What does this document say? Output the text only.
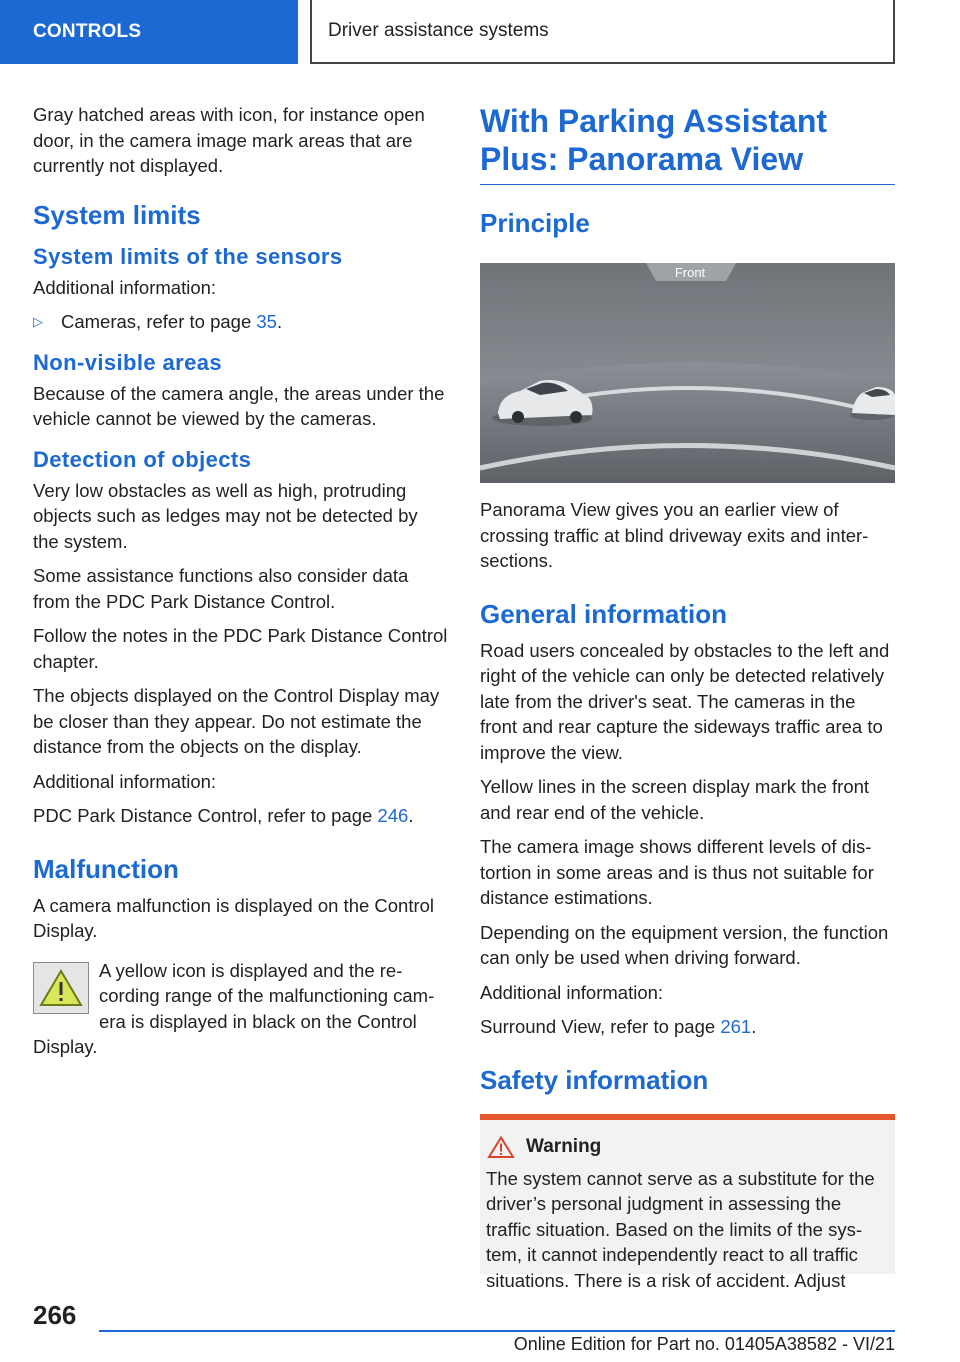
CONTROLS	Driver assistance systems

Gray hatched areas with icon, for instance open door, in the camera image mark areas that are currently not displayed.

System limits
System limits of the sensors

Additional information:

▷ Cameras, refer to page 35.
Non-visible areas

Because of the camera angle, the areas under the vehicle cannot be viewed by the cameras.

Detection of objects

Very low obstacles as well as high, protruding objects such as ledges may not be detected by the system.

Some assistance functions also consider data from the PDC Park Distance Control.

Follow the notes in the PDC Park Distance Control chapter.

The objects displayed on the Control Display may be closer than they appear. Do not estimate the distance from the objects on the display.

Additional information:

PDC Park Distance Control, refer to page 246.

Malfunction

A camera malfunction is displayed on the Control Display.

A yellow icon is displayed and the recording range of the malfunctioning camera is displayed in black on the Control Display.
With Parking Assistant Plus: Panorama View
Principle
Front

Panorama View gives you an earlier view of crossing traffic at blind driveway exits and intersections.

General information

Road users concealed by obstacles to the left and right of the vehicle can only be detected relatively late from the driver's seat. The cameras in the front and rear capture the sideways traffic area to improve the view.

Yellow lines in the screen display mark the front and rear end of the vehicle.

The camera image shows different levels of distortion in some areas and is thus not suitable for distance estimations.

Depending on the equipment version, the function can only be used when driving forward.

Additional information:

Surround View, refer to page 261.

Safety information
Warning

The system cannot serve as a substitute for the driver’s personal judgment in assessing the traffic situation. Based on the limits of the system, it cannot independently react to all traffic situations. There is a risk of accident. Adjust

266
Online Edition for Part no. 01405A38582 - VI/21
